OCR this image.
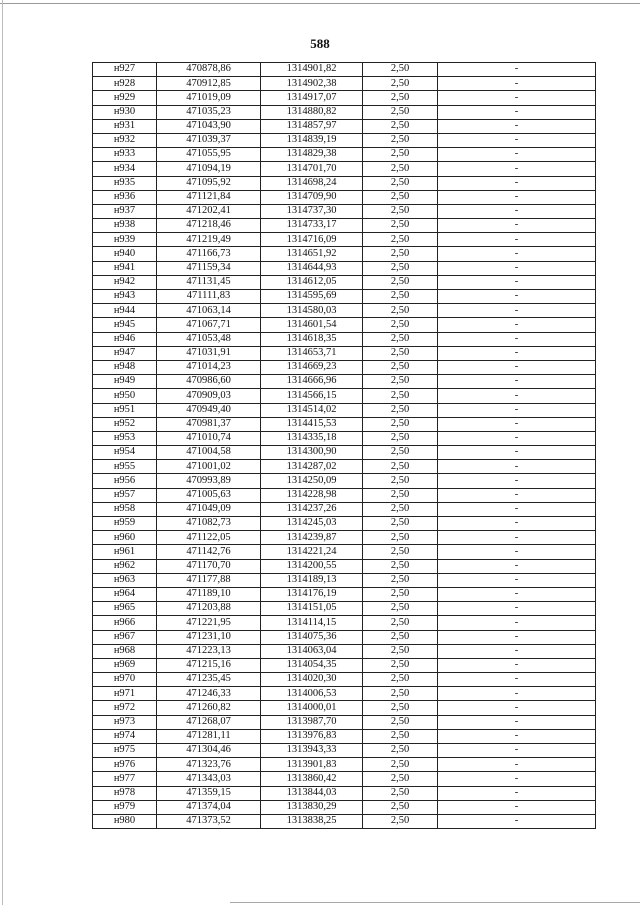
588
н927	470878,86	1314901,82	2,50	-
н928	470912,85	1314902,38	2,50	-
н929	471019,09	1314917,07	2,50	-
н930	471035,23	1314880,82	2,50	-
н931	471043,90	1314857,97	2,50	-
н932	471039,37	1314839,19	2,50	-
н933	471055,95	1314829,38	2,50	-
н934	471094,19	1314701,70	2,50	-
н935	471095,92	1314698,24	2,50	-
н936	471121,84	1314709,90	2,50	-
н937	471202,41	1314737,30	2,50	-
н938	471218,46	1314733,17	2,50	-
н939	471219,49	1314716,09	2,50	-
н940	471166,73	1314651,92	2,50	-
н941	471159,34	1314644,93	2,50	-
н942	471131,45	1314612,05	2,50	-
н943	471111,83	1314595,69	2,50	-
н944	471063,14	1314580,03	2,50	-
н945	471067,71	1314601,54	2,50	-
н946	471053,48	1314618,35	2,50	-
н947	471031,91	1314653,71	2,50	-
н948	471014,23	1314669,23	2,50	-
н949	470986,60	1314666,96	2,50	-
н950	470909,03	1314566,15	2,50	-
н951	470949,40	1314514,02	2,50	-
н952	470981,37	1314415,53	2,50	-
н953	471010,74	1314335,18	2,50	-
н954	471004,58	1314300,90	2,50	-
н955	471001,02	1314287,02	2,50	-
н956	470993,89	1314250,09	2,50	-
н957	471005,63	1314228,98	2,50	-
н958	471049,09	1314237,26	2,50	-
н959	471082,73	1314245,03	2,50	-
н960	471122,05	1314239,87	2,50	-
н961	471142,76	1314221,24	2,50	-
н962	471170,70	1314200,55	2,50	-
н963	471177,88	1314189,13	2,50	-
н964	471189,10	1314176,19	2,50	-
н965	471203,88	1314151,05	2,50	-
н966	471221,95	1314114,15	2,50	-
н967	471231,10	1314075,36	2,50	-
н968	471223,13	1314063,04	2,50	-
н969	471215,16	1314054,35	2,50	-
н970	471235,45	1314020,30	2,50	-
н971	471246,33	1314006,53	2,50	-
н972	471260,82	1314000,01	2,50	-
н973	471268,07	1313987,70	2,50	-
н974	471281,11	1313976,83	2,50	-
н975	471304,46	1313943,33	2,50	-
н976	471323,76	1313901,83	2,50	-
н977	471343,03	1313860,42	2,50	-
н978	471359,15	1313844,03	2,50	-
н979	471374,04	1313830,29	2,50	-
н980	471373,52	1313838,25	2,50	-
